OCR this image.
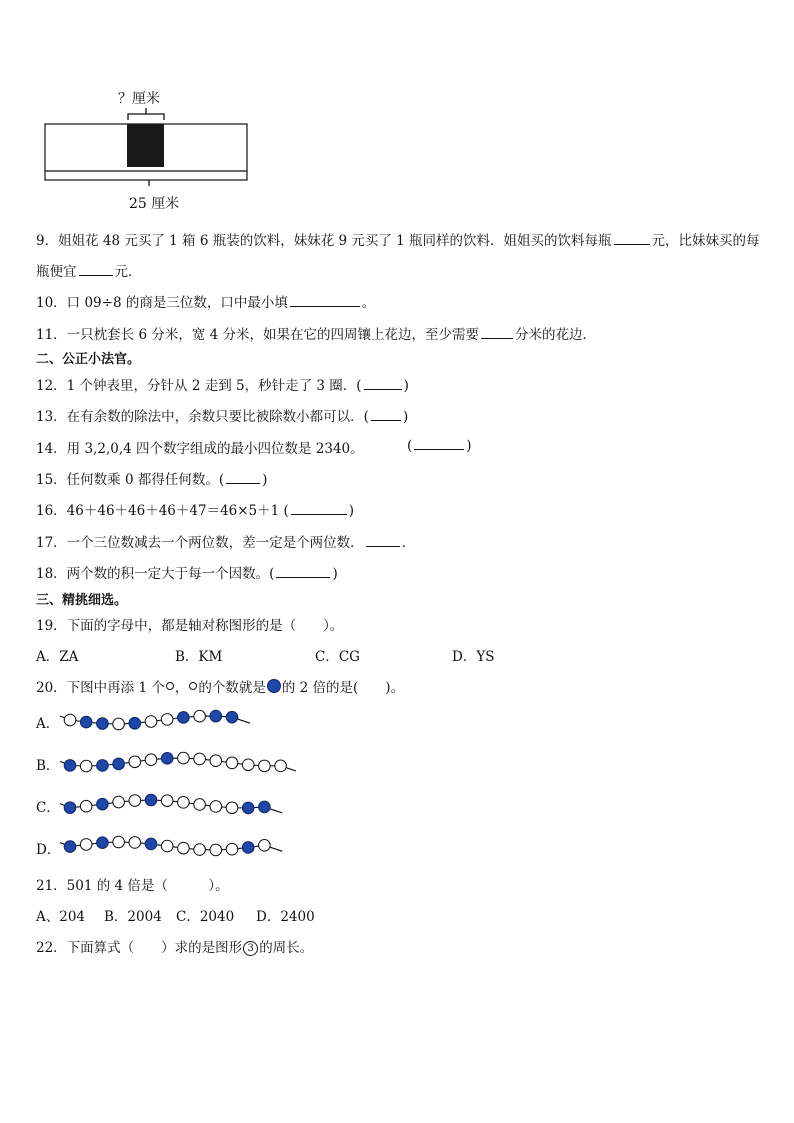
？厘米
25 厘米
9．姐姐花 48 元买了 1 箱 6 瓶装的饮料，妹妹花 9 元买了 1 瓶同样的饮料．姐姐买的饮料每瓶	元，比妹妹买的每
瓶便宜	元．
10．口 09÷8 的商是三位数，口中最小填	。
11．一只枕套长 6 分米，宽 4 分米，如果在它的四周镶上花边，至少需要	分米的花边．
二、公正小法官。
12．1 个钟表里，分针从 2 走到 5，秒针走了 3 圈．(	)
13．在有余数的除法中，余数只要比被除数小都可以．(	)
14．用 3,2,0,4 四个数字组成的最小四位数是 2340。	(	)
15．任何数乘 0 都得任何数。(	)
16．46＋46＋46＋46＋47＝46×5＋1 (	)
17．一个三位数减去一个两位数，差一定是个两位数．	．
18．两个数的积一定大于每一个因数。(	)
三、精挑细选。
19．下面的字母中，都是轴对称图形的是（　　）。
A．ZA	B．KM	C．CG	D．YS
20．下图中再添 1 个 ， 的个数就是 的 2 倍的是(　　)。
A．
B．
C．
D．
21．501 的 4 倍是（　　　）。
A、204 B．2004 C．2040 D．2400
22．下面算式（　　）求的是图形 3 的周长。
